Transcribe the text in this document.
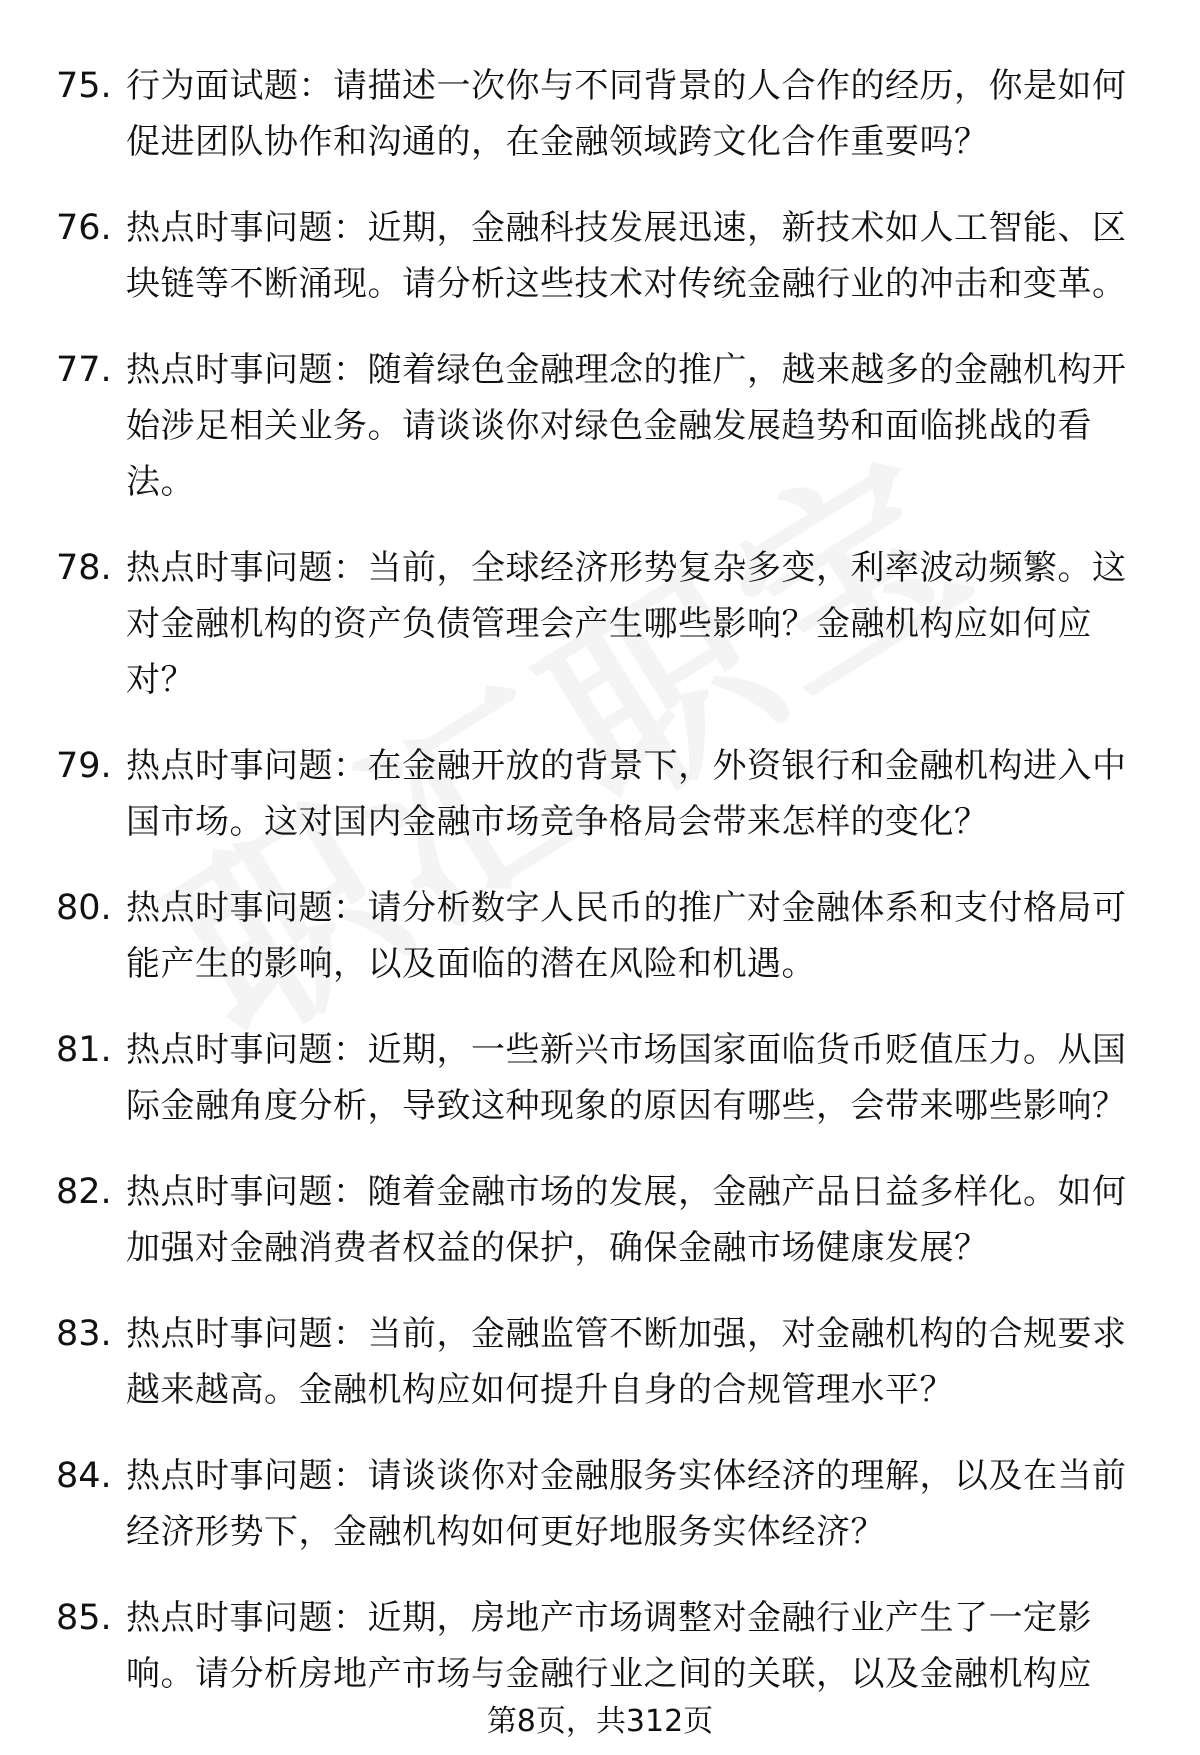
75. 行为面试题：请描述一次你与不同背景的人合作的经历，你是如何促进团队协作和沟通的，在金融领域跨文化合作重要吗？
76. 热点时事问题：近期，金融科技发展迅速，新技术如人工智能、区块链等不断涌现。请分析这些技术对传统金融行业的冲击和变革。
77. 热点时事问题：随着绿色金融理念的推广，越来越多的金融机构开始涉足相关业务。请谈谈你对绿色金融发展趋势和面临挑战的看法。
78. 热点时事问题：当前，全球经济形势复杂多变，利率波动频繁。这对金融机构的资产负债管理会产生哪些影响？金融机构应如何应对？
79. 热点时事问题：在金融开放的背景下，外资银行和金融机构进入中国市场。这对国内金融市场竞争格局会带来怎样的变化？
80. 热点时事问题：请分析数字人民币的推广对金融体系和支付格局可能产生的影响，以及面临的潜在风险和机遇。
81. 热点时事问题：近期，一些新兴市场国家面临货币贬值压力。从国际金融角度分析，导致这种现象的原因有哪些，会带来哪些影响？
82. 热点时事问题：随着金融市场的发展，金融产品日益多样化。如何加强对金融消费者权益的保护，确保金融市场健康发展？
83. 热点时事问题：当前，金融监管不断加强，对金融机构的合规要求越来越高。金融机构应如何提升自身的合规管理水平？
84. 热点时事问题：请谈谈你对金融服务实体经济的理解，以及在当前经济形势下，金融机构如何更好地服务实体经济？
85. 热点时事问题：近期，房地产市场调整对金融行业产生了一定影响。请分析房地产市场与金融行业之间的关联，以及金融机构应
第8页，共312页
